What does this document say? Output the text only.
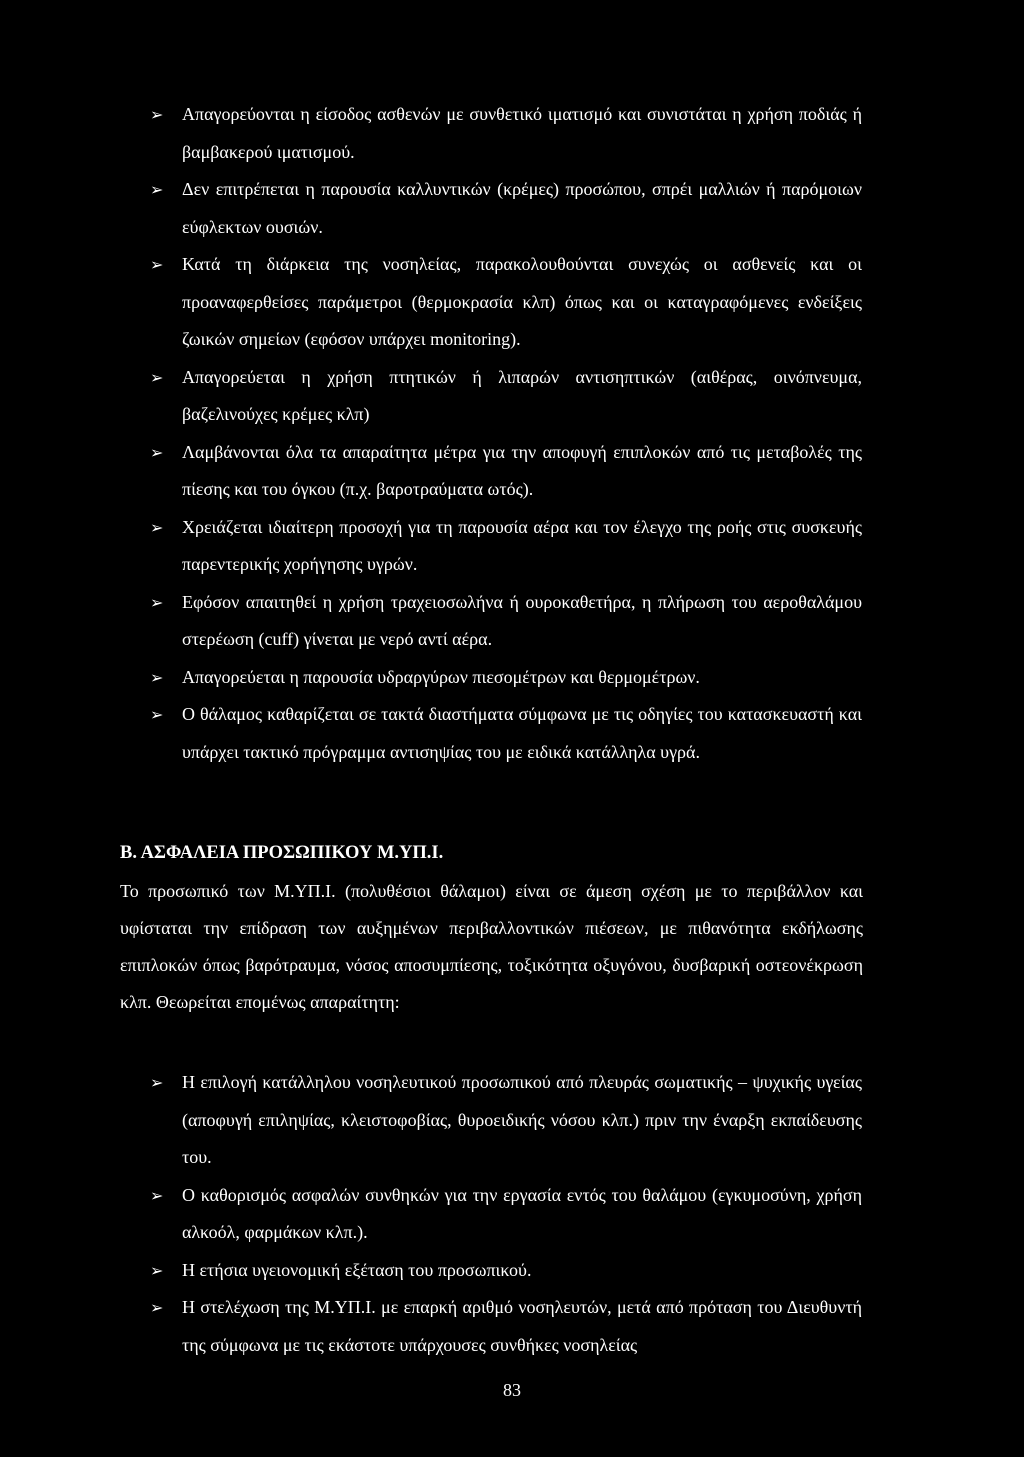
➢ Απαγορεύονται η είσοδος ασθενών με συνθετικό ιματισμό και συνιστάται η χρήση ποδιάς ή βαμβακερού ιματισμού.
➢ Δεν επιτρέπεται η παρουσία καλλυντικών (κρέμες) προσώπου, σπρέι μαλλιών ή παρόμοιων εύφλεκτων ουσιών.
➢ Κατά τη διάρκεια της νοσηλείας, παρακολουθούνται συνεχώς οι ασθενείς και οι προαναφερθείσες παράμετροι (θερμοκρασία κλπ) όπως και οι καταγραφόμενες ενδείξεις ζωικών σημείων (εφόσον υπάρχει monitoring).
➢ Απαγορεύεται η χρήση πτητικών ή λιπαρών αντισηπτικών (αιθέρας, οινόπνευμα, βαζελινούχες κρέμες κλπ)
➢ Λαμβάνονται όλα τα απαραίτητα μέτρα για την αποφυγή επιπλοκών από τις μεταβολές της πίεσης και του όγκου (π.χ. βαροτραύματα ωτός).
➢ Χρειάζεται ιδιαίτερη προσοχή για τη παρουσία αέρα και τον έλεγχο της ροής στις συσκευής παρεντερικής χορήγησης υγρών.
➢ Εφόσον απαιτηθεί η χρήση τραχειοσωλήνα ή ουροκαθετήρα, η πλήρωση του αεροθαλάμου στερέωση (cuff) γίνεται με νερό αντί αέρα.
➢ Απαγορεύεται η παρουσία υδραργύρων πιεσομέτρων και θερμομέτρων.
➢ Ο θάλαμος καθαρίζεται σε τακτά διαστήματα σύμφωνα με τις οδηγίες του κατασκευαστή και υπάρχει τακτικό πρόγραμμα αντισηψίας του με ειδικά κατάλληλα υγρά.
Β. ΑΣΦΑΛΕΙΑ ΠΡΟΣΩΠΙΚΟΥ Μ.ΥΠ.Ι.

Το προσωπικό των Μ.ΥΠ.Ι. (πολυθέσιοι θάλαμοι) είναι σε άμεση σχέση με το περιβάλλον και υφίσταται την επίδραση των αυξημένων περιβαλλοντικών πιέσεων, με πιθανότητα εκδήλωσης επιπλοκών όπως βαρότραυμα, νόσος αποσυμπίεσης, τοξικότητα οξυγόνου, δυσβαρική οστεονέκρωση κλπ. Θεωρείται επομένως απαραίτητη:

➢ Η επιλογή κατάλληλου νοσηλευτικού προσωπικού από πλευράς σωματικής – ψυχικής υγείας (αποφυγή επιληψίας, κλειστοφοβίας, θυροειδικής νόσου κλπ.) πριν την έναρξη εκπαίδευσης του.
➢ Ο καθορισμός ασφαλών συνθηκών για την εργασία εντός του θαλάμου (εγκυμοσύνη, χρήση αλκοόλ, φαρμάκων κλπ.).
➢ Η ετήσια υγειονομική εξέταση του προσωπικού.
➢ Η στελέχωση της Μ.ΥΠ.Ι. με επαρκή αριθμό νοσηλευτών, μετά από πρόταση του Διευθυντή της σύμφωνα με τις εκάστοτε υπάρχουσες συνθήκες νοσηλείας
83
